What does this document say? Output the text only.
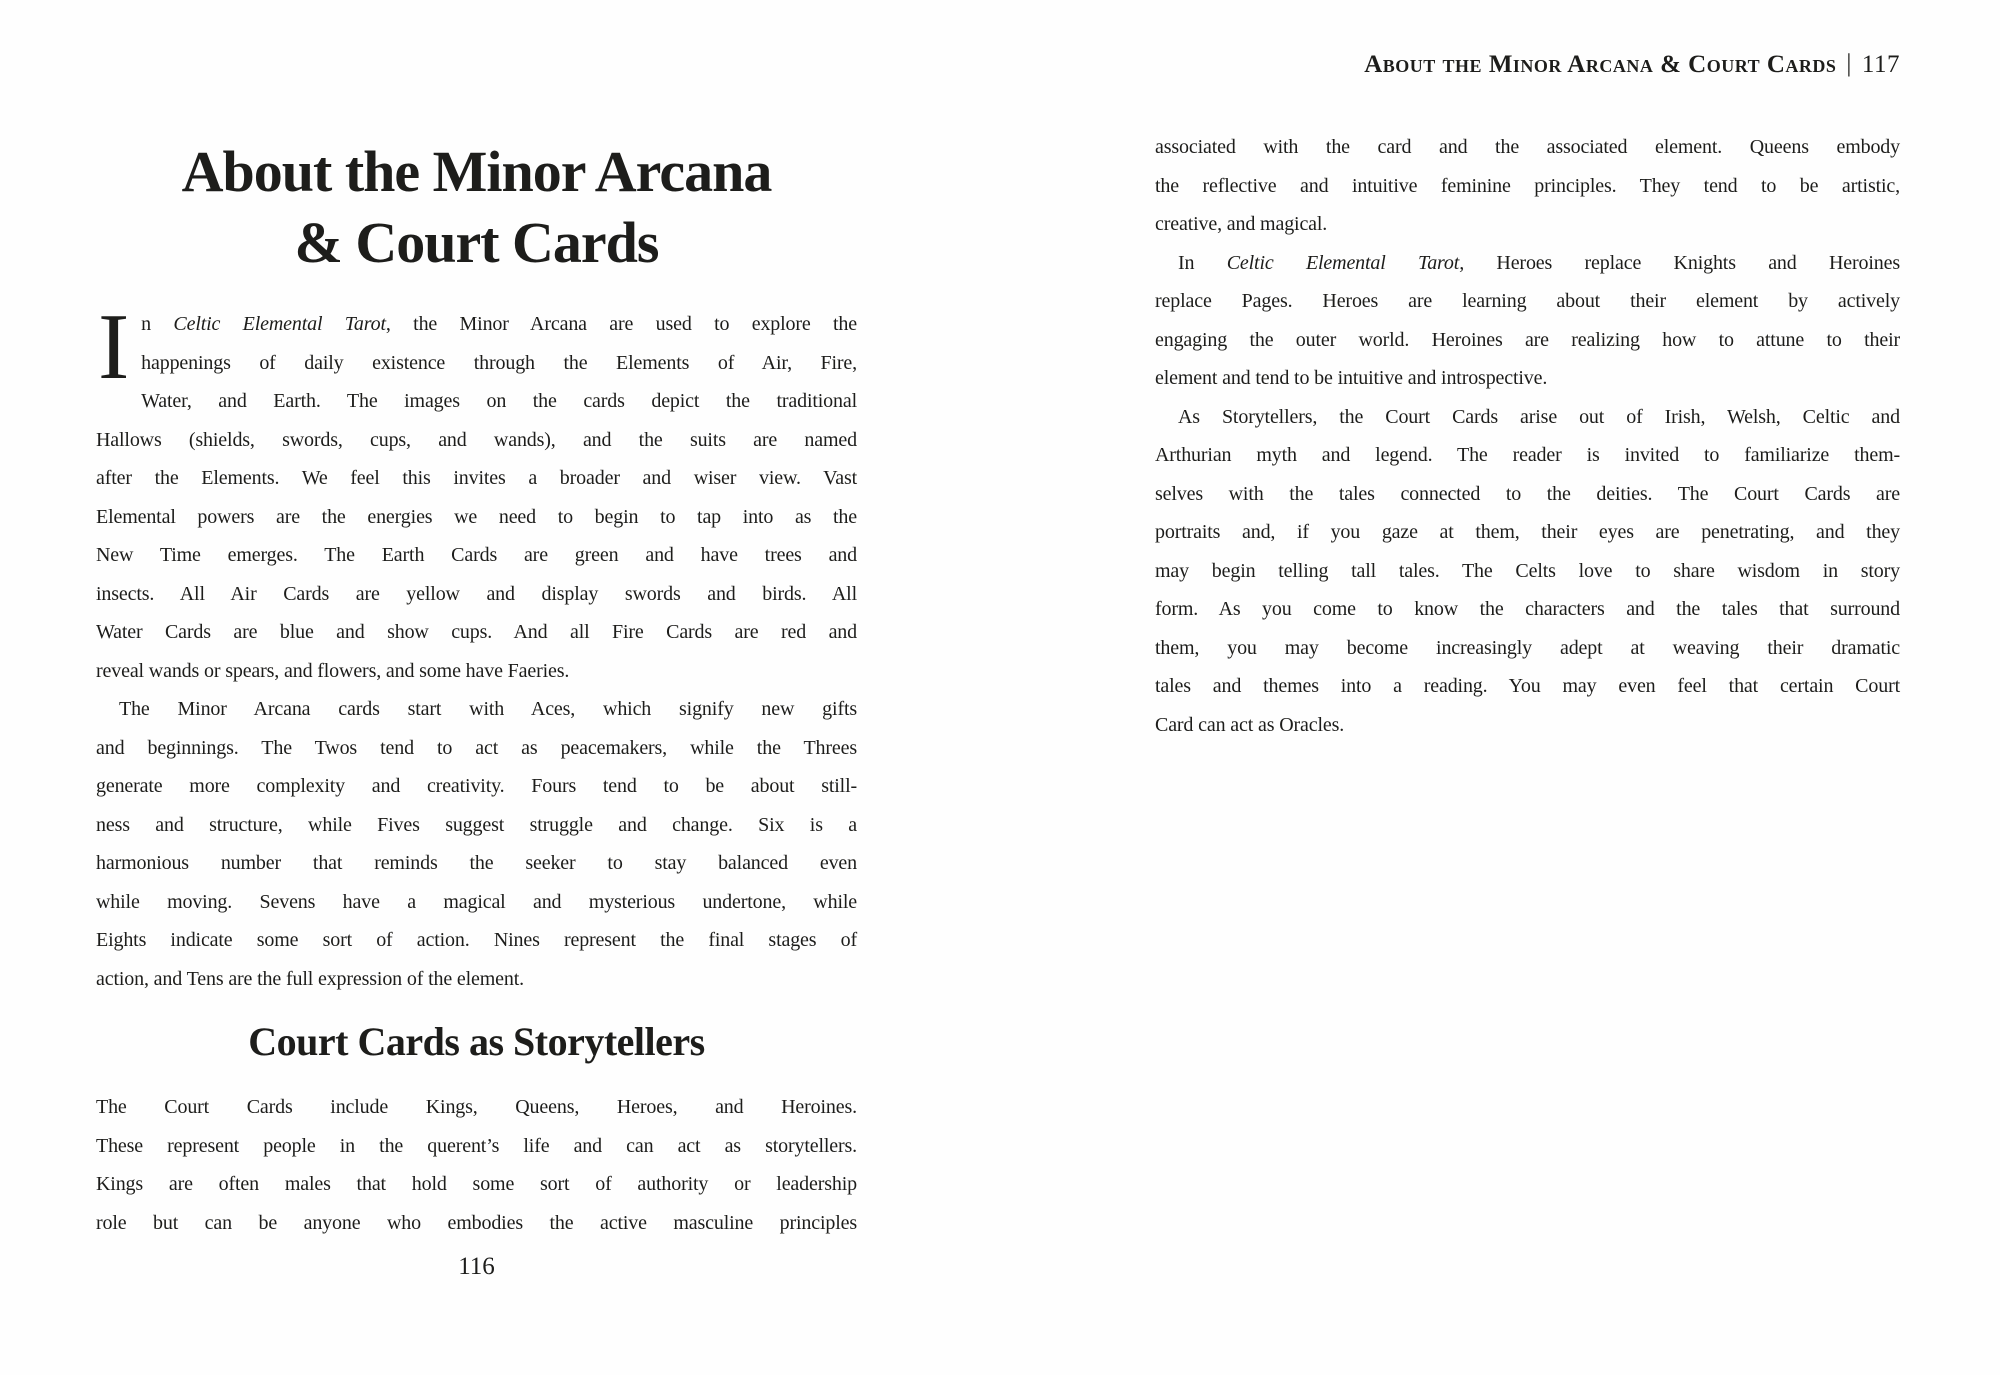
About the Minor Arcana
& Court Cards
I n Celtic Elemental Tarot, the Minor Arcana are used to explore the
happenings of daily existence through the Elements of Air, Fire,
Water, and Earth. The images on the cards depict the traditional
Hallows (shields, swords, cups, and wands), and the suits are named
after the Elements. We feel this invites a broader and wiser view. Vast
Elemental powers are the energies we need to begin to tap into as the
New Time emerges. The Earth Cards are green and have trees and
insects. All Air Cards are yellow and display swords and birds. All
Water Cards are blue and show cups. And all Fire Cards are red and
reveal wands or spears, and flowers, and some have Faeries.
The Minor Arcana cards start with Aces, which signify new gifts
and beginnings. The Twos tend to act as peacemakers, while the Threes
generate more complexity and creativity. Fours tend to be about still-
ness and structure, while Fives suggest struggle and change. Six is a
harmonious number that reminds the seeker to stay balanced even
while moving. Sevens have a magical and mysterious undertone, while
Eights indicate some sort of action. Nines represent the final stages of
action, and Tens are the full expression of the element.
Court Cards as Storytellers
The Court Cards include Kings, Queens, Heroes, and Heroines.
These represent people in the querent’s life and can act as storytellers.
Kings are often males that hold some sort of authority or leadership
role but can be anyone who embodies the active masculine principles
116
About the Minor Arcana & Court Cards | 117
associated with the card and the associated element. Queens embody
the reflective and intuitive feminine principles. They tend to be artistic,
creative, and magical.
In Celtic Elemental Tarot, Heroes replace Knights and Heroines
replace Pages. Heroes are learning about their element by actively
engaging the outer world. Heroines are realizing how to attune to their
element and tend to be intuitive and introspective.
As Storytellers, the Court Cards arise out of Irish, Welsh, Celtic and
Arthurian myth and legend. The reader is invited to familiarize them-
selves with the tales connected to the deities. The Court Cards are
portraits and, if you gaze at them, their eyes are penetrating, and they
may begin telling tall tales. The Celts love to share wisdom in story
form. As you come to know the characters and the tales that surround
them, you may become increasingly adept at weaving their dramatic
tales and themes into a reading. You may even feel that certain Court
Card can act as Oracles.
